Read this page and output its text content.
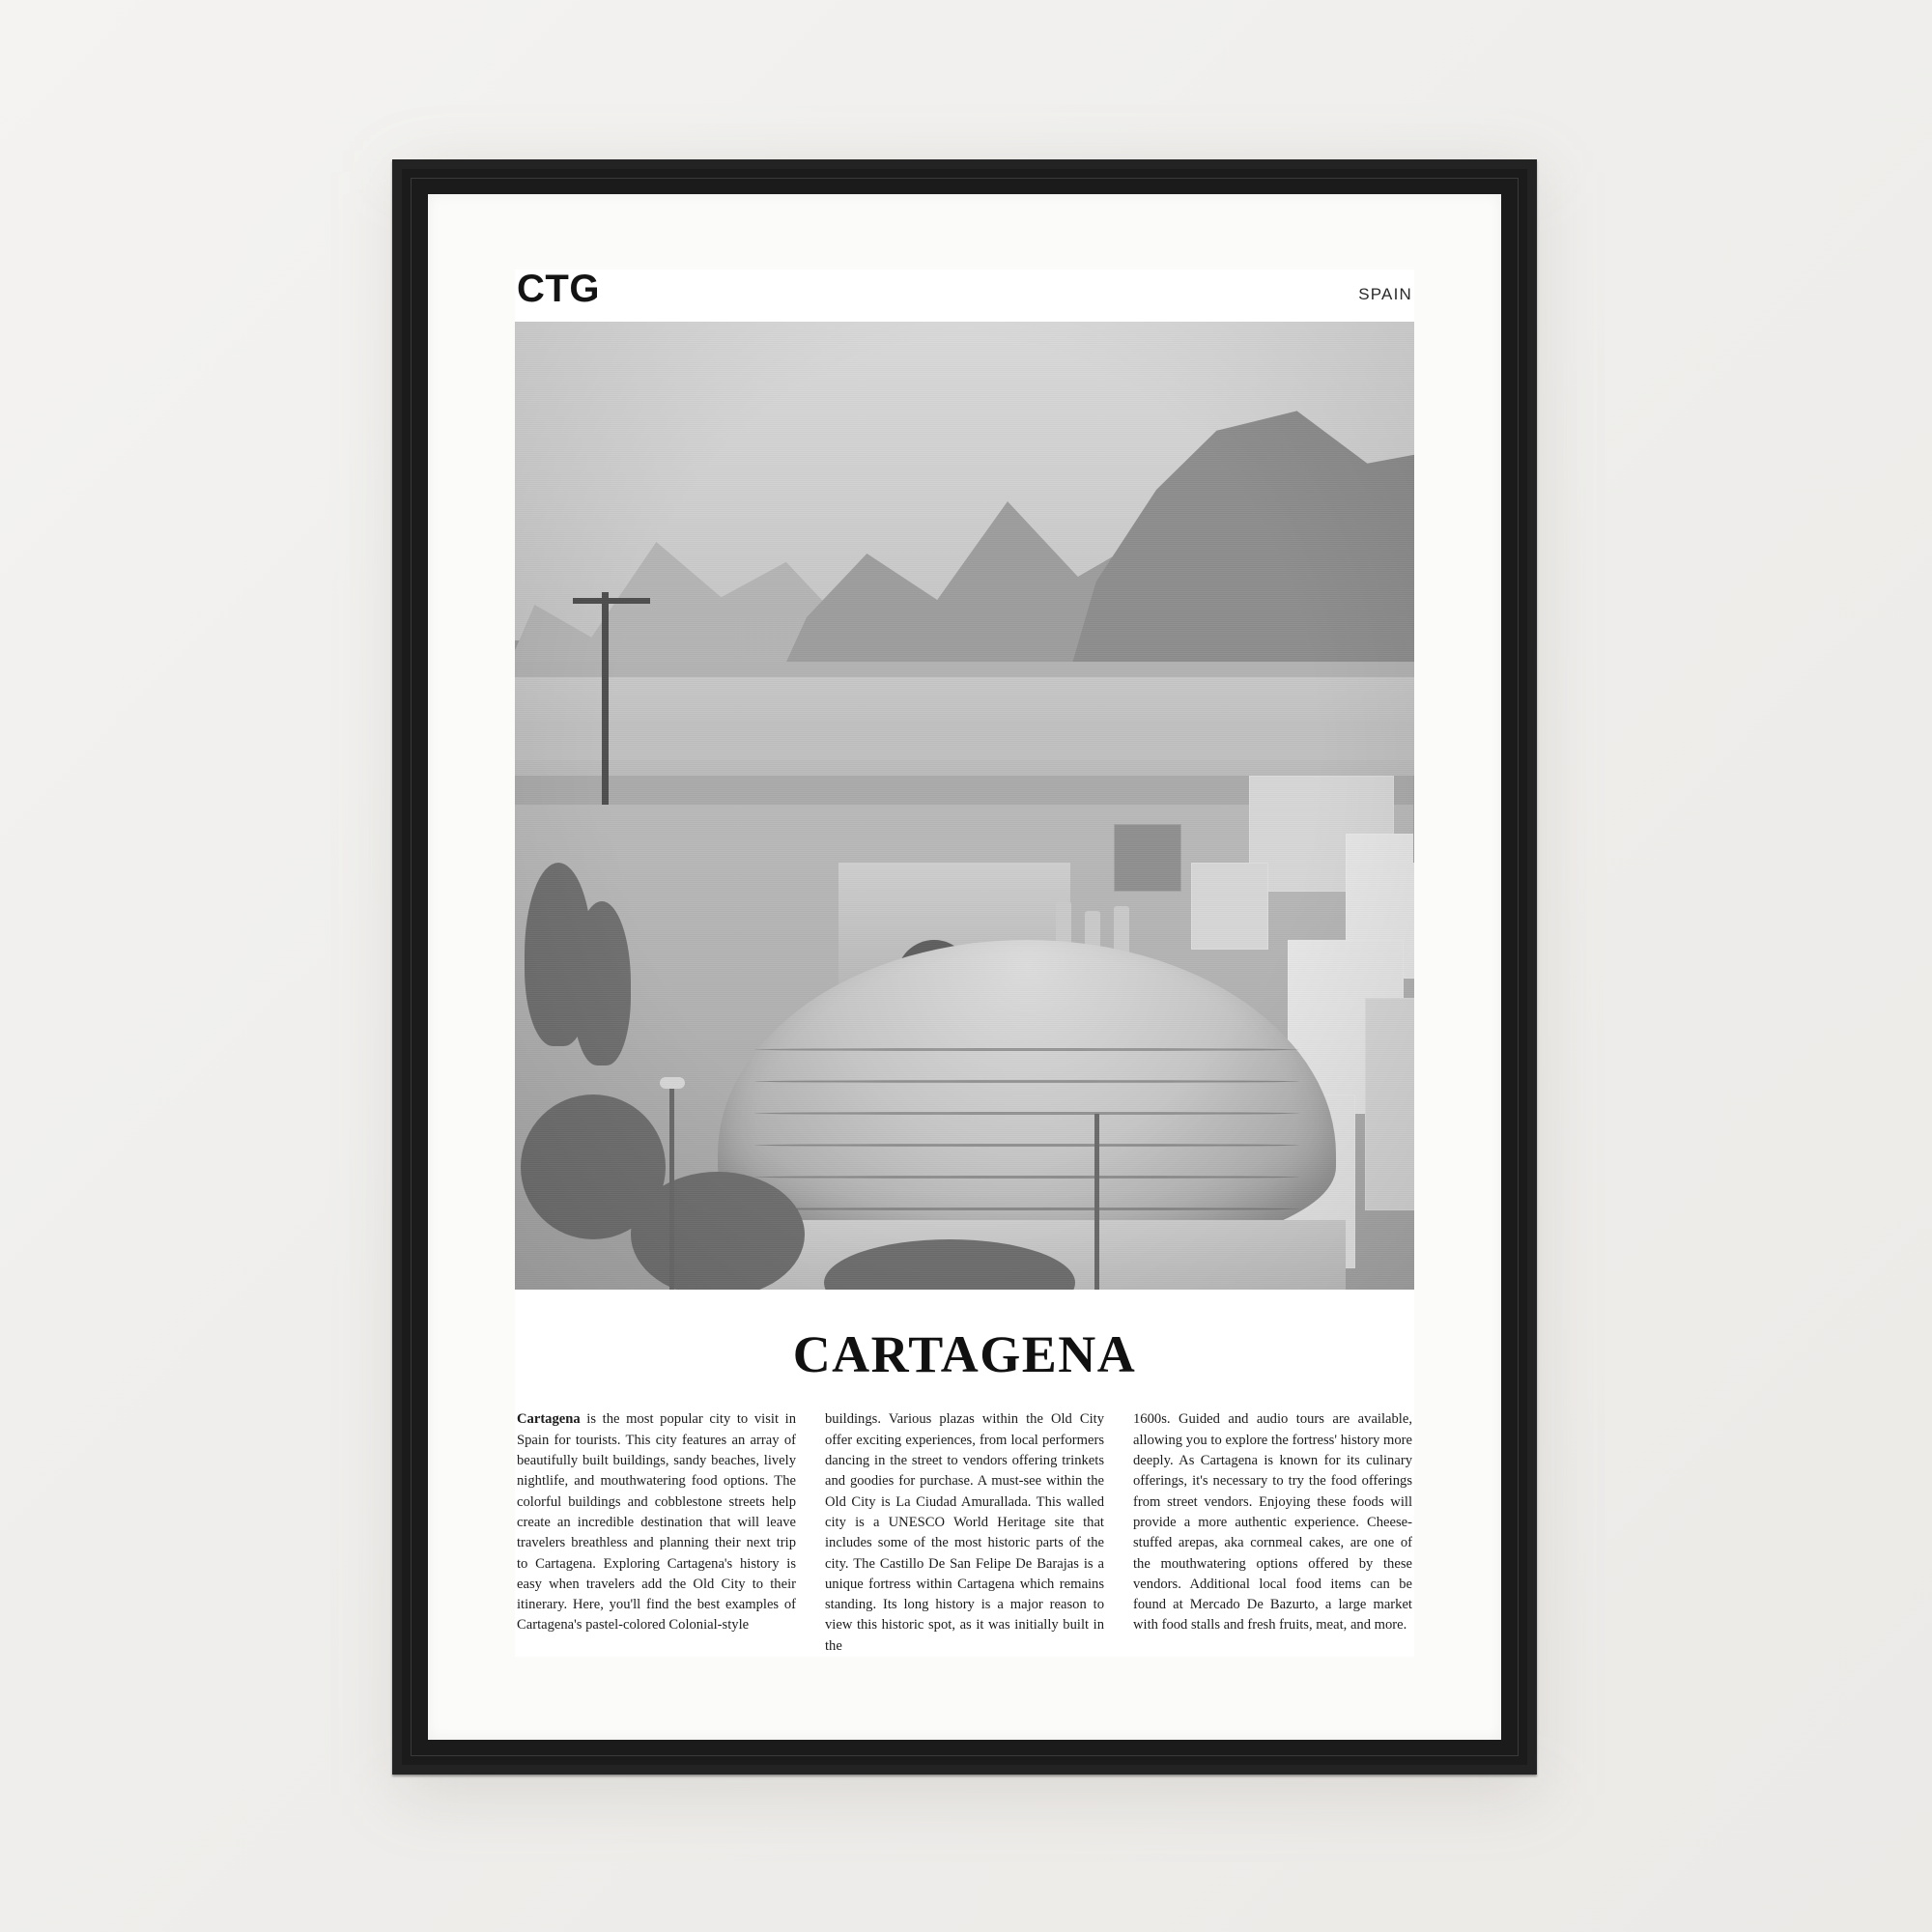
CTG	SPAIN
CARTAGENA
Cartagena is the most popular city to visit in Spain for tourists. This city features an array of beautifully built buildings, sandy beaches, lively nightlife, and mouthwatering food options. The colorful buildings and cobblestone streets help create an incredible destination that will leave travelers breathless and planning their next trip to Cartagena. Exploring Cartagena's history is easy when travelers add the Old City to their itinerary. Here, you'll find the best examples of Cartagena's pastel-colored Colonial-style
buildings. Various plazas within the Old City offer exciting experiences, from local performers dancing in the street to vendors offering trinkets and goodies for purchase. A must-see within the Old City is La Ciudad Amurallada. This walled city is a UNESCO World Heritage site that includes some of the most historic parts of the city. The Castillo De San Felipe De Barajas is a unique fortress within Cartagena which remains standing. Its long history is a major reason to view this historic spot, as it was initially built in the
1600s. Guided and audio tours are available, allowing you to explore the fortress' history more deeply. As Cartagena is known for its culinary offerings, it's necessary to try the food offerings from street vendors. Enjoying these foods will provide a more authentic experience. Cheese-stuffed arepas, aka cornmeal cakes, are one of the mouthwatering options offered by these vendors. Additional local food items can be found at Mercado De Bazurto, a large market with food stalls and fresh fruits, meat, and more.
